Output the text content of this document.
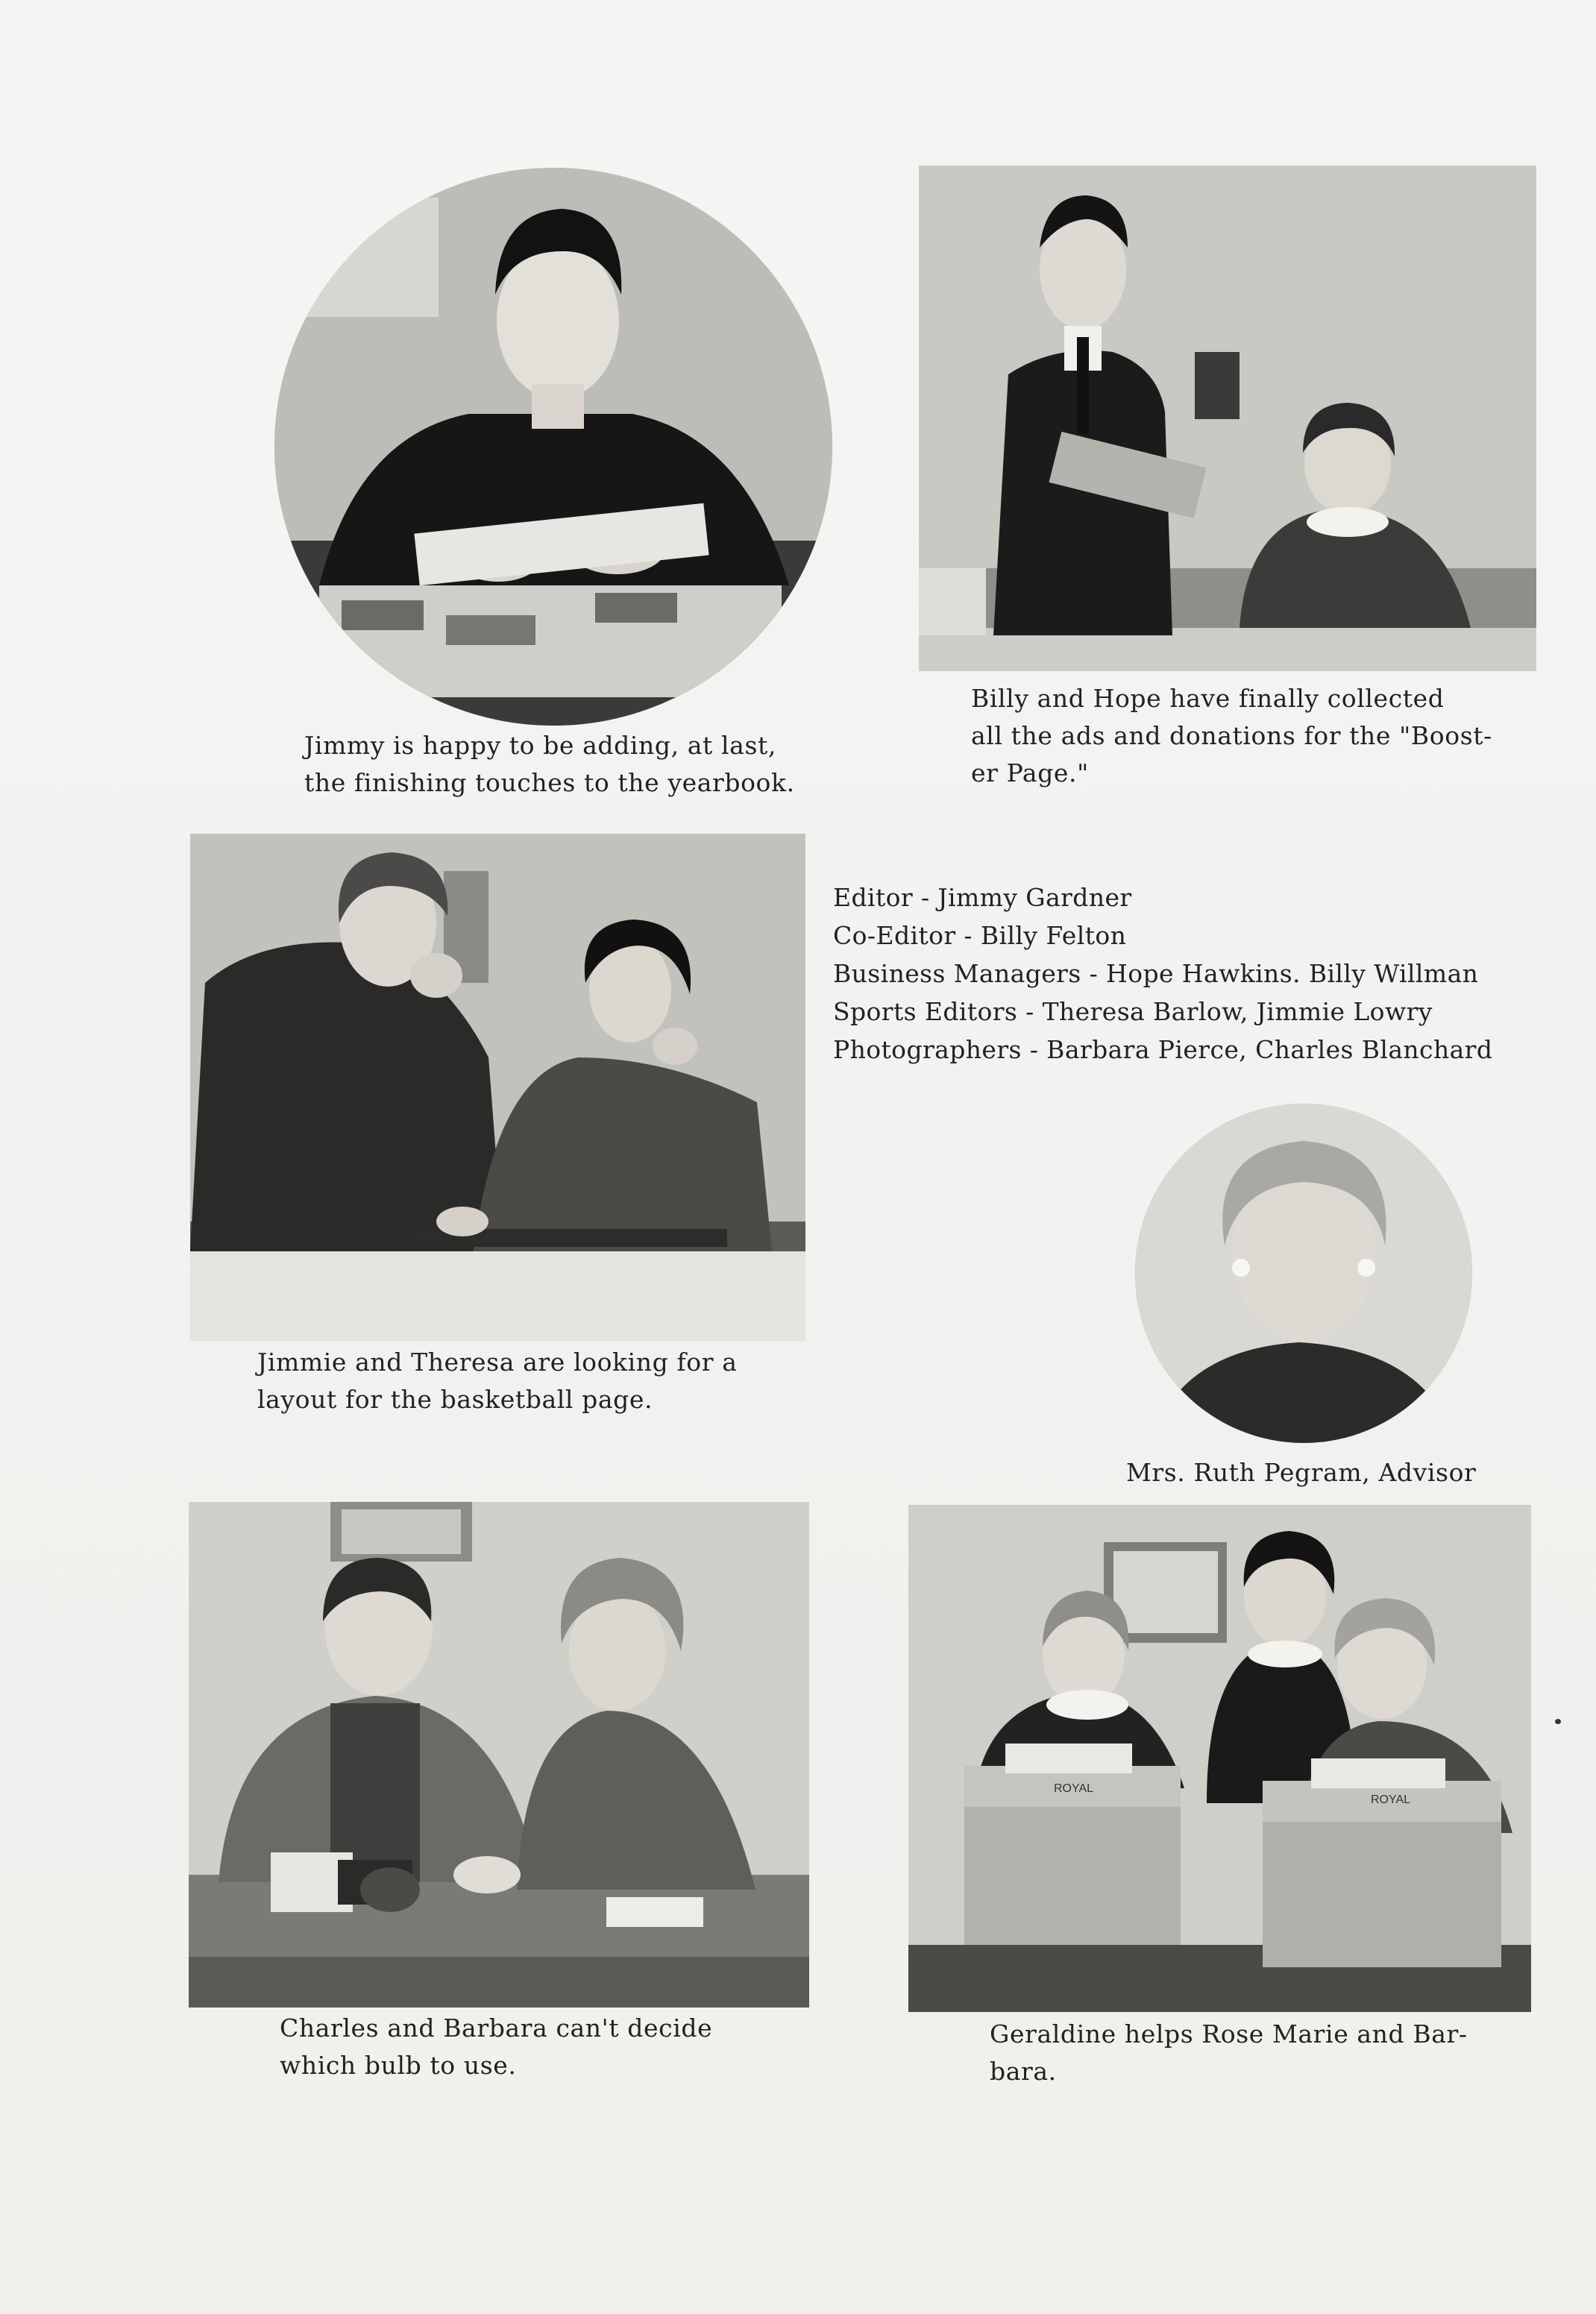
Jimmy is happy to be adding, at last,
the finishing touches to the yearbook.
Billy and Hope have finally collected
all the ads and donations for the "Boost-
er Page."
Jimmie and Theresa are looking for a
layout for the basketball page.
Editor - Jimmy Gardner
Co-Editor - Billy Felton
Business Managers - Hope Hawkins. Billy Willman
Sports Editors - Theresa Barlow, Jimmie Lowry
Photographers - Barbara Pierce, Charles Blanchard
Mrs. Ruth Pegram, Advisor
Charles and Barbara can't decide
which bulb to use.
ROYAL
ROYAL
Geraldine helps Rose Marie and Bar-
bara.
